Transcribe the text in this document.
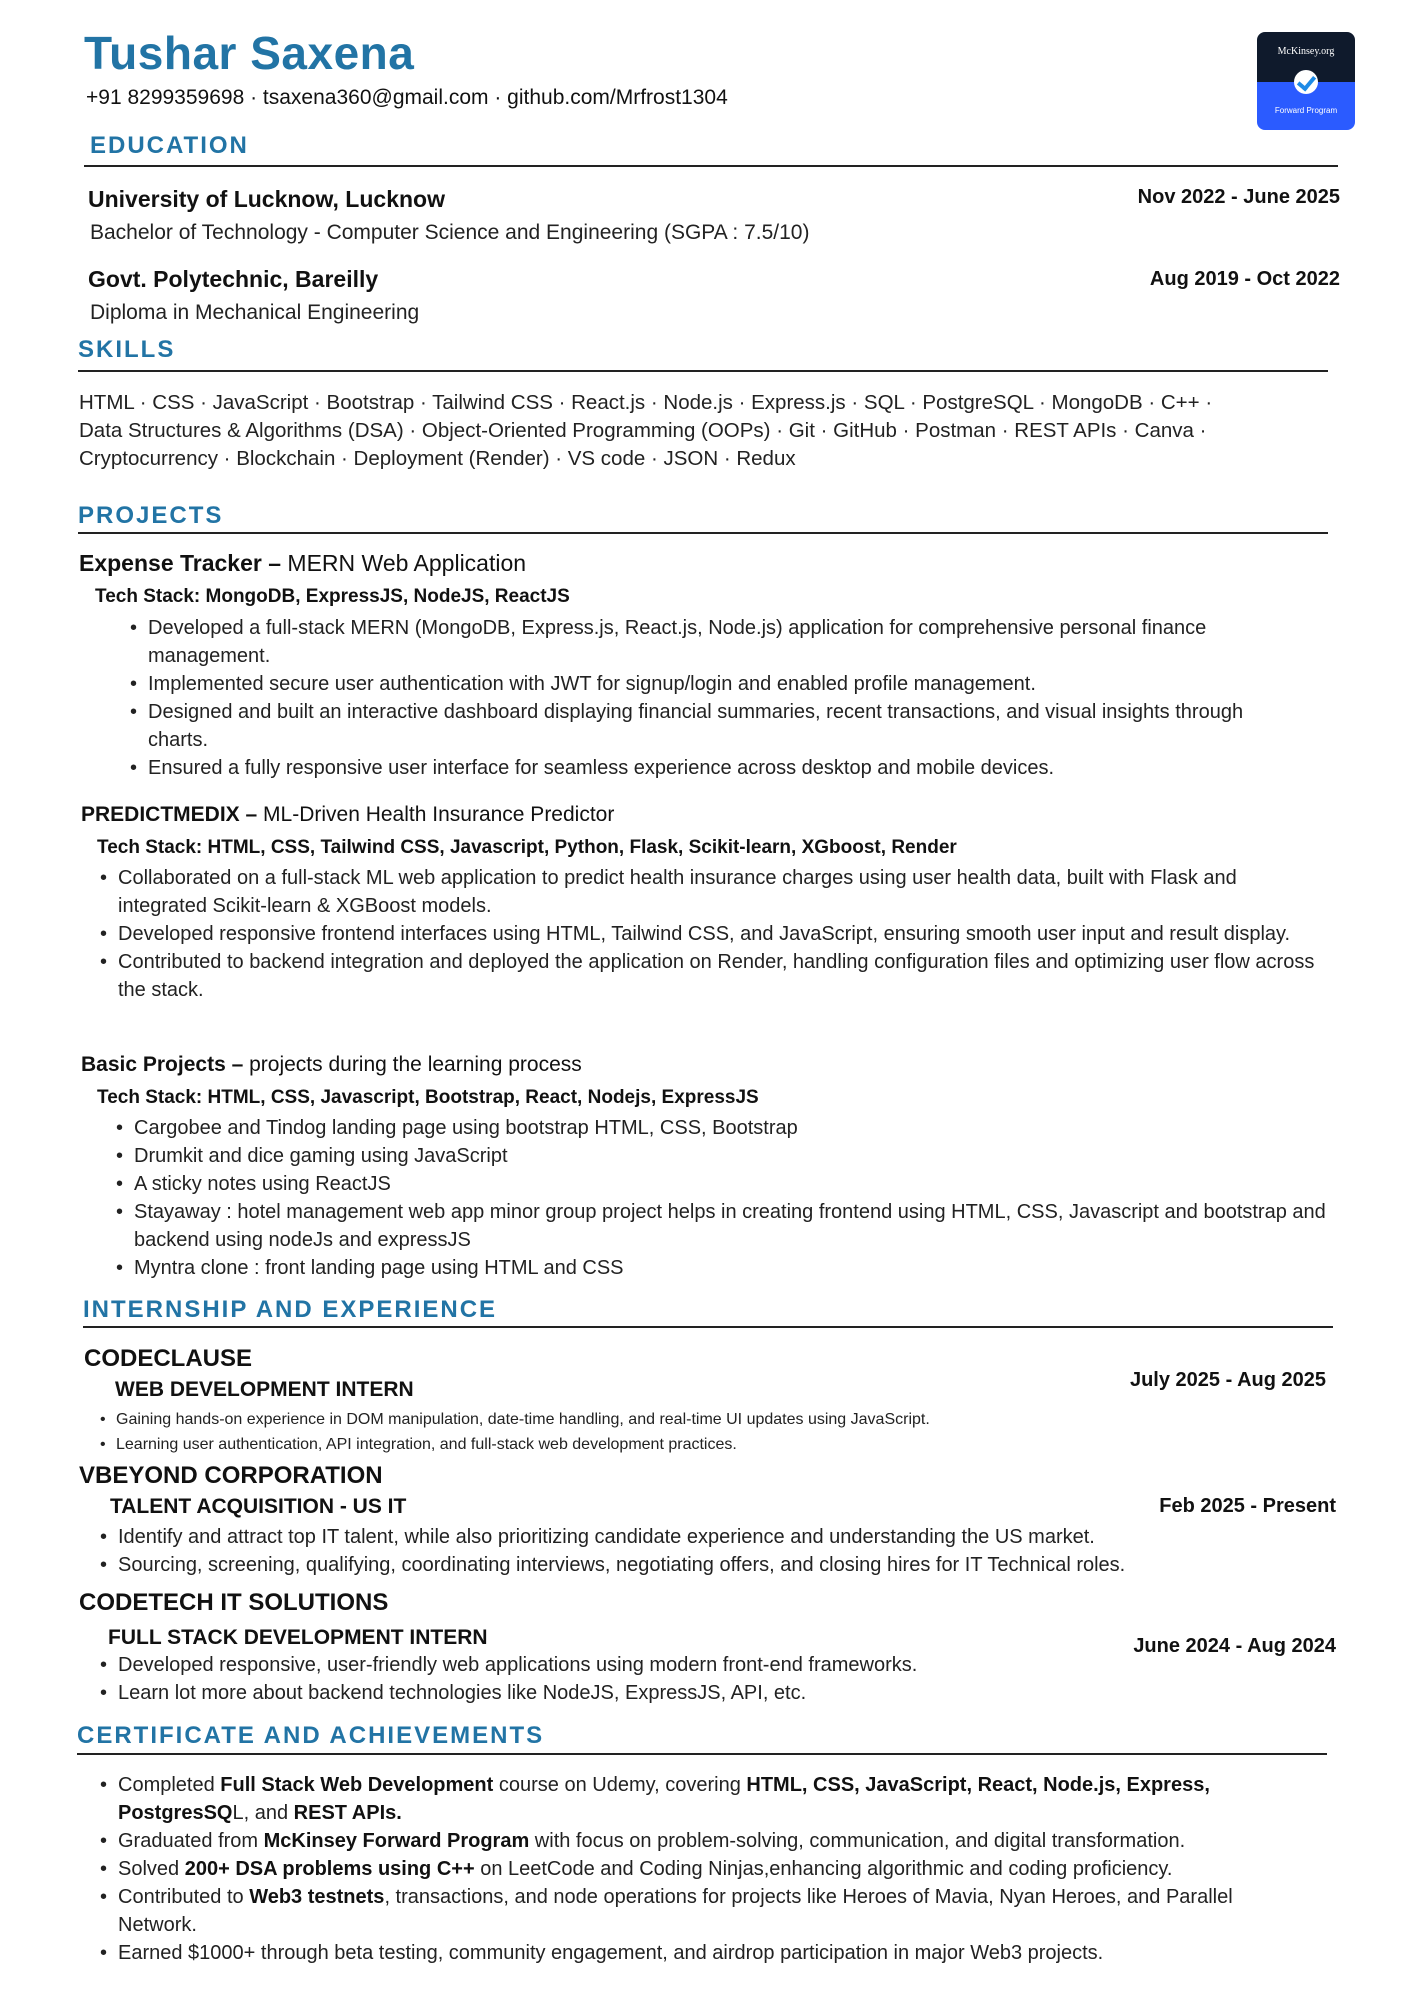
Tushar Saxena
+91 8299359698 · tsaxena360@gmail.com · github.com/Mrfrost1304
McKinsey.org
Forward Program
EDUCATION
University of Lucknow, Lucknow	Nov 2022 - June 2025
Bachelor of Technology - Computer Science and Engineering (SGPA : 7.5/10)
Govt. Polytechnic, Bareilly	Aug 2019 - Oct 2022
Diploma in Mechanical Engineering
SKILLS
HTML · CSS · JavaScript · Bootstrap · Tailwind CSS · React.js · Node.js · Express.js · SQL · PostgreSQL · MongoDB · C++ ·
Data Structures & Algorithms (DSA) · Object-Oriented Programming (OOPs) · Git · GitHub · Postman · REST APIs · Canva ·
Cryptocurrency · Blockchain · Deployment (Render) · VS code · JSON · Redux
PROJECTS
Expense Tracker – MERN Web Application
Tech Stack: MongoDB, ExpressJS, NodeJS, ReactJS
• Developed a full-stack MERN (MongoDB, Express.js, React.js, Node.js) application for comprehensive personal finance management.
• Implemented secure user authentication with JWT for signup/login and enabled profile management.
• Designed and built an interactive dashboard displaying financial summaries, recent transactions, and visual insights through charts.
• Ensured a fully responsive user interface for seamless experience across desktop and mobile devices.
PREDICTMEDIX – ML-Driven Health Insurance Predictor
Tech Stack: HTML, CSS, Tailwind CSS, Javascript, Python, Flask, Scikit-learn, XGboost, Render
• Collaborated on a full-stack ML web application to predict health insurance charges using user health data, built with Flask and integrated Scikit-learn & XGBoost models.
• Developed responsive frontend interfaces using HTML, Tailwind CSS, and JavaScript, ensuring smooth user input and result display.
• Contributed to backend integration and deployed the application on Render, handling configuration files and optimizing user flow across the stack.
Basic Projects – projects during the learning process
Tech Stack: HTML, CSS, Javascript, Bootstrap, React, Nodejs, ExpressJS
• Cargobee and Tindog landing page using bootstrap HTML, CSS, Bootstrap
• Drumkit and dice gaming using JavaScript
• A sticky notes using ReactJS
• Stayaway : hotel management web app minor group project helps in creating frontend using HTML, CSS, Javascript and bootstrap and backend using nodeJs and expressJS
• Myntra clone : front landing page using HTML and CSS
INTERNSHIP AND EXPERIENCE
CODECLAUSE
WEB DEVELOPMENT INTERN	July 2025 - Aug 2025
• Gaining hands-on experience in DOM manipulation, date-time handling, and real-time UI updates using JavaScript.
• Learning user authentication, API integration, and full-stack web development practices.
VBEYOND CORPORATION
TALENT ACQUISITION - US IT	Feb 2025 - Present
• Identify and attract top IT talent, while also prioritizing candidate experience and understanding the US market.
• Sourcing, screening, qualifying, coordinating interviews, negotiating offers, and closing hires for IT Technical roles.
CODETECH IT SOLUTIONS
FULL STACK DEVELOPMENT INTERN	June 2024 - Aug 2024
• Developed responsive, user-friendly web applications using modern front-end frameworks.
• Learn lot more about backend technologies like NodeJS, ExpressJS, API, etc.
CERTIFICATE AND ACHIEVEMENTS
• Completed Full Stack Web Development course on Udemy, covering HTML, CSS, JavaScript, React, Node.js, Express, PostgresSQL, and REST APIs.
• Graduated from McKinsey Forward Program with focus on problem-solving, communication, and digital transformation.
• Solved 200+ DSA problems using C++ on LeetCode and Coding Ninjas,enhancing algorithmic and coding proficiency.
• Contributed to Web3 testnets, transactions, and node operations for projects like Heroes of Mavia, Nyan Heroes, and Parallel Network.
• Earned $1000+ through beta testing, community engagement, and airdrop participation in major Web3 projects.
